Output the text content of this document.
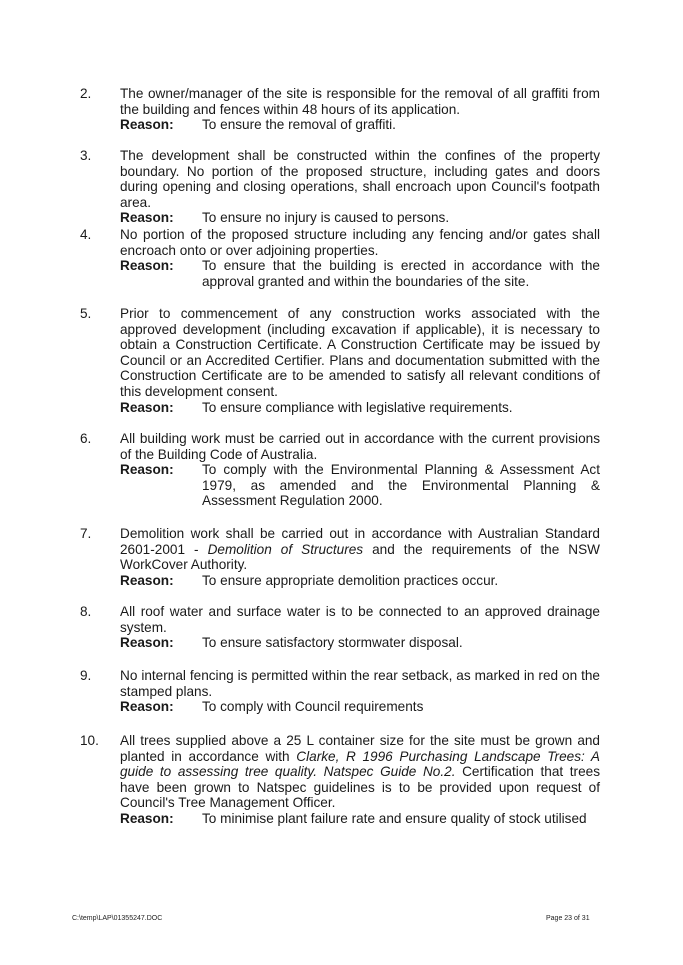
2.	The owner/manager of the site is responsible for the removal of all graffiti from the building and fences within 48 hours of its application.
Reason:	To ensure the removal of graffiti.
3.	The development shall be constructed within the confines of the property boundary. No portion of the proposed structure, including gates and doors during opening and closing operations, shall encroach upon Council's footpath area.
Reason:	To ensure no injury is caused to persons.
4.	No portion of the proposed structure including any fencing and/or gates shall encroach onto or over adjoining properties.
Reason:	To ensure that the building is erected in accordance with the approval granted and within the boundaries of the site.
5.	Prior to commencement of any construction works associated with the approved development (including excavation if applicable), it is necessary to obtain a Construction Certificate. A Construction Certificate may be issued by Council or an Accredited Certifier. Plans and documentation submitted with the Construction Certificate are to be amended to satisfy all relevant conditions of this development consent.
Reason:	To ensure compliance with legislative requirements.
6.	All building work must be carried out in accordance with the current provisions of the Building Code of Australia.
Reason:	To comply with the Environmental Planning & Assessment Act 1979, as amended and the Environmental Planning & Assessment Regulation 2000.
7.	Demolition work shall be carried out in accordance with Australian Standard 2601-2001 - Demolition of Structures and the requirements of the NSW WorkCover Authority.
Reason:	To ensure appropriate demolition practices occur.
8.	All roof water and surface water is to be connected to an approved drainage system.
Reason:	To ensure satisfactory stormwater disposal.
9.	No internal fencing is permitted within the rear setback, as marked in red on the stamped plans.
Reason:	To comply with Council requirements
10.	All trees supplied above a 25 L container size for the site must be grown and planted in accordance with Clarke, R 1996 Purchasing Landscape Trees: A guide to assessing tree quality. Natspec Guide No.2. Certification that trees have been grown to Natspec guidelines is to be provided upon request of Council's Tree Management Officer.
Reason:	To minimise plant failure rate and ensure quality of stock utilised
C:\temp\LAP\01355247.DOC	Page 23 of 31
